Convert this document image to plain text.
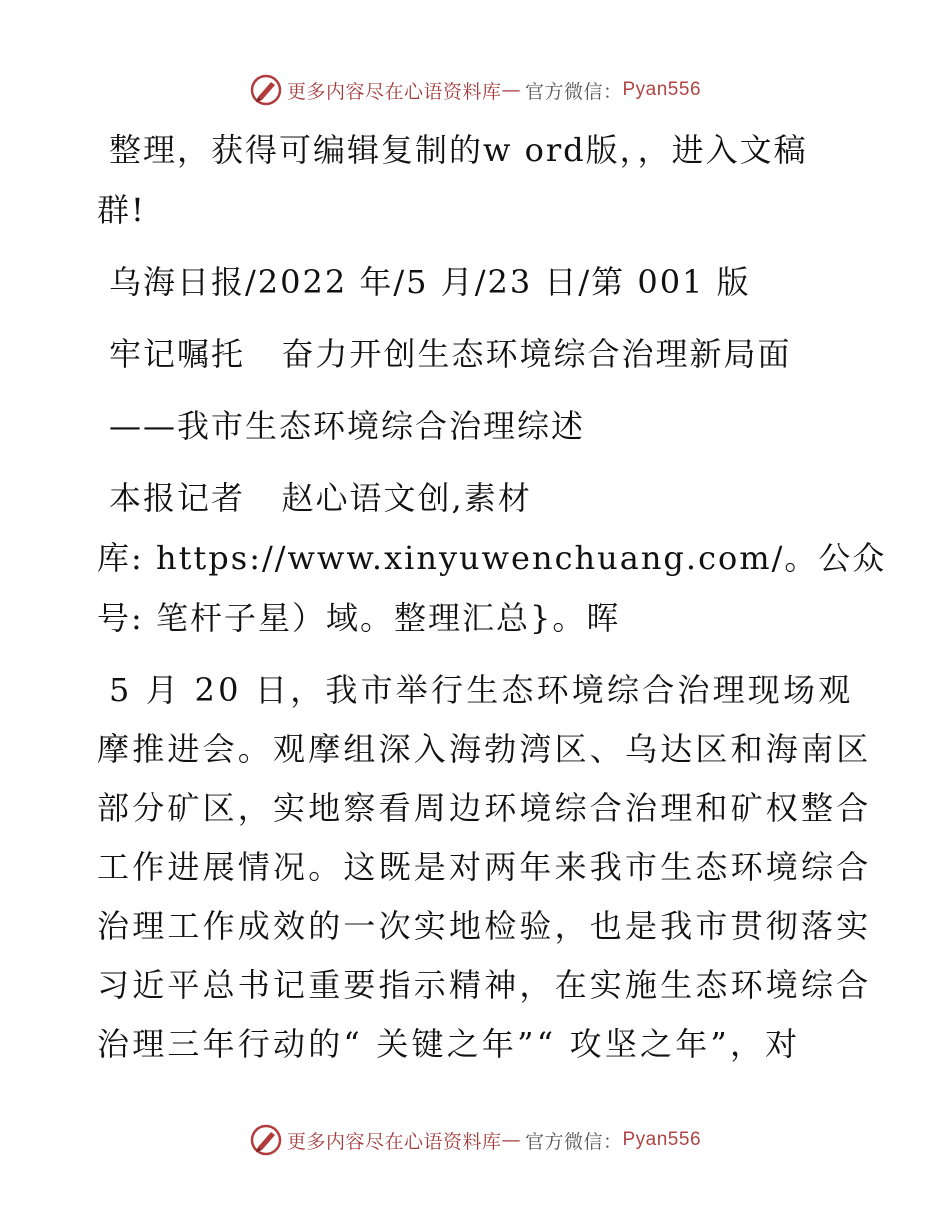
更多内容尽在心语资料库 — 官方微信： Pyan556
整理，获得可编辑复制的w ord版，，进入文稿
群!
乌海日报/2022 年/5 月/23 日/第 001 版
牢记嘱托   奋力开创生态环境综合治理新局面
——我市生态环境综合治理综述
本报记者   赵心语文创,素材
库: https://www.xinyuwenchuang.com/。公众
号: 笔杆子星）域。整理汇总}。晖
5 月 20 日，我市举行生态环境综合治理现场观
摩推进会。观摩组深入海勃湾区、乌达区和海南区
部分矿区，实地察看周边环境综合治理和矿权整合
工作进展情况。这既是对两年来我市生态环境综合
治理工作成效的一次实地检验，也是我市贯彻落实
习近平总书记重要指示精神，在实施生态环境综合
治理三年行动的“ 关键之年”“ 攻坚之年”，对
更多内容尽在心语资料库 — 官方微信： Pyan556
